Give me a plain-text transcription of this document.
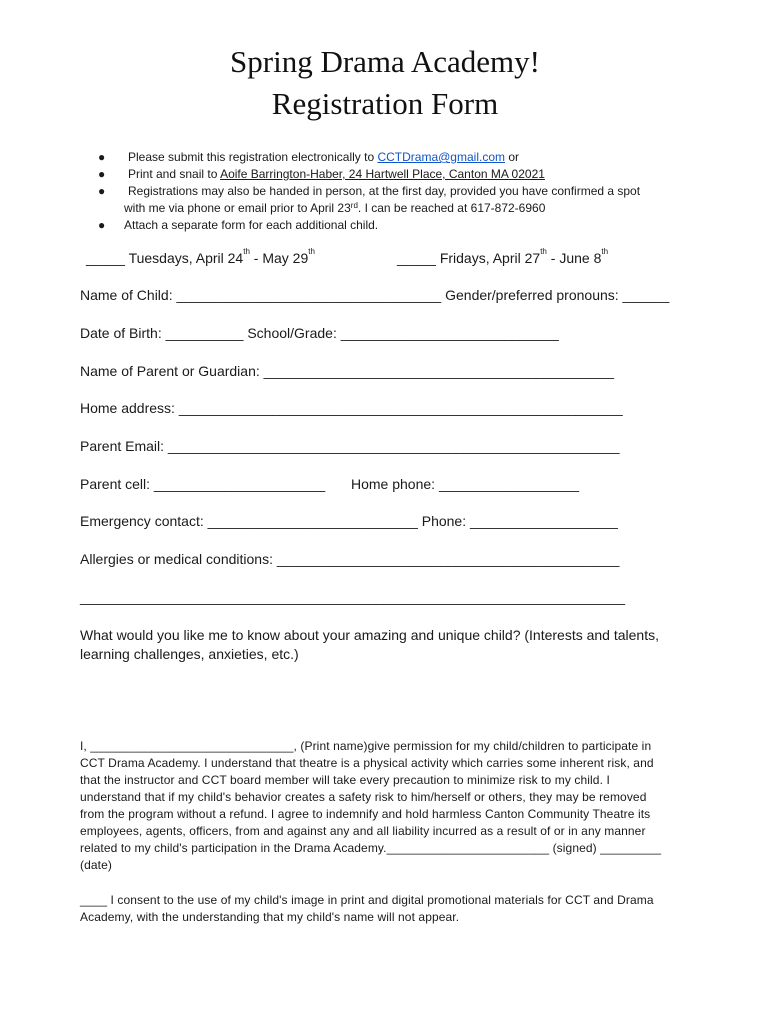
Spring Drama Academy!
Registration Form
● Please submit this registration electronically to CCTDrama@gmail.com or
● Print and snail to Aoife Barrington-Haber, 24 Hartwell Place, Canton MA 02021
● Registrations may also be handed in person, at the first day, provided you have confirmed a spot
with me via phone or email prior to April 23rd. I can be reached at 617-872-6960
● Attach a separate form for each additional child.
_____ Tuesdays, April 24th - May 29th	_____ Fridays, April 27th - June 8th
Name of Child: __________________________________ Gender/preferred pronouns: ______
Date of Birth: __________ School/Grade: ____________________________
Name of Parent or Guardian: _____________________________________________
Home address: _________________________________________________________
Parent Email: __________________________________________________________
Parent cell: ______________________ Home phone: __________________
Emergency contact: ___________________________ Phone: ___________________
Allergies or medical conditions: ____________________________________________
______________________________________________________________________
What would you like me to know about your amazing and unique child? (Interests and talents,
learning challenges, anxieties, etc.)

I, ______________________________, (Print name)give permission for my child/children to participate in

CCT Drama Academy. I understand that theatre is a physical activity which carries some inherent risk, and

that the instructor and CCT board member will take every precaution to minimize risk to my child. I

understand that if my child's behavior creates a safety risk to him/herself or others, they may be removed

from the program without a refund. I agree to indemnify and hold harmless Canton Community Theatre its

employees, agents, officers, from and against any and all liability incurred as a result of or in any manner

related to my child's participation in the Drama Academy.________________________ (signed) _________

(date)

____ I consent to the use of my child's image in print and digital promotional materials for CCT and Drama

Academy, with the understanding that my child's name will not appear.
